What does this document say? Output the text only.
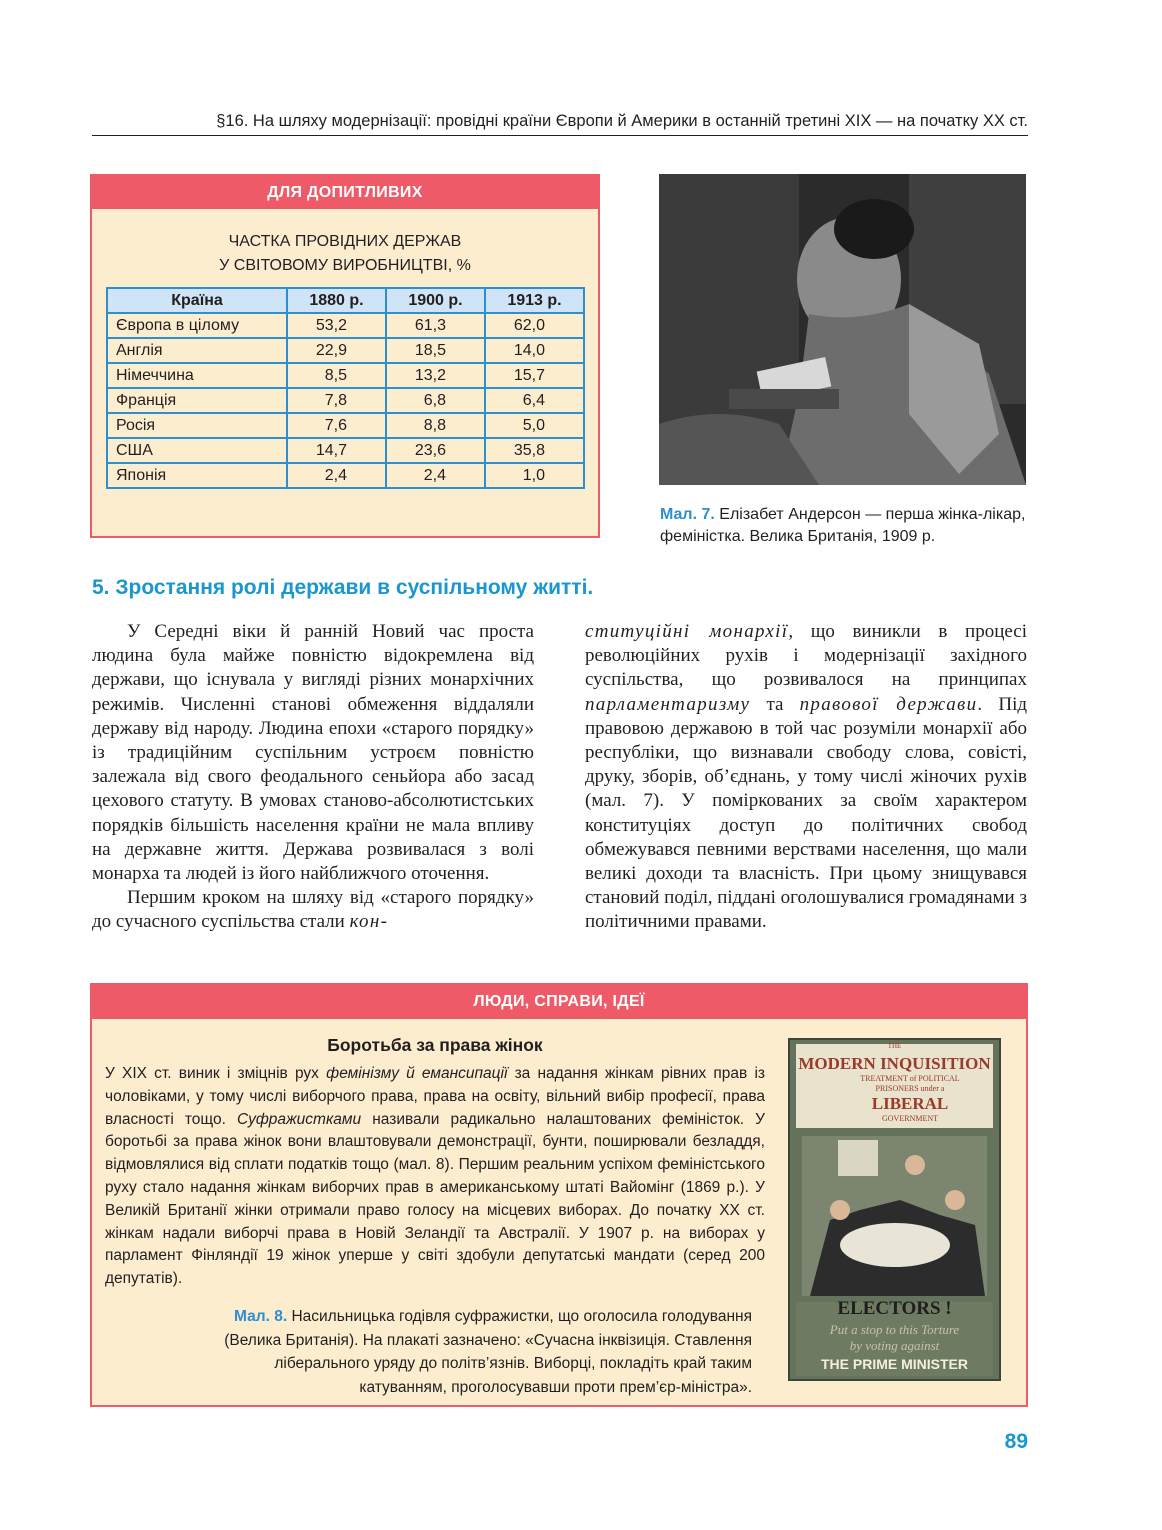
§16. На шляху модернізації: провідні країни Європи й Америки в останній третині XIX — на початку XX ст.
ДЛЯ ДОПИТЛИВИХ
ЧАСТКА ПРОВІДНИХ ДЕРЖАВ
У СВІТОВОМУ ВИРОБНИЦТВІ, %
Країна	1880 р.	1900 р.	1913 р.
Європа в цілому	53,2	61,3	62,0
Англія	22,9	18,5	14,0
Німеччина	8,5	13,2	15,7
Франція	7,8	6,8	6,4
Росія	7,6	8,8	5,0
США	14,7	23,6	35,8
Японія	2,4	2,4	1,0
Мал. 7. Елізабет Андерсон — перша жінка-лікар, феміністка. Велика Британія, 1909 р.
5. Зростання ролі держави в суспільному житті.

У Середні віки й ранній Новий час проста людина була майже повністю відокремлена від держави, що існувала у вигляді різних монархічних режимів. Численні станові обмеження віддаляли державу від народу. Людина епохи «старого порядку» із традиційним суспільним устроєм повністю залежала від свого феодального сеньйора або засад цехового статуту. В умовах станово-абсолютистських порядків більшість населення країни не мала впливу на державне життя. Держава розвивалася з волі монарха та людей із його найближчого оточення.

Першим кроком на шляху від «старого порядку» до сучасного суспільства стали кон-

ституційні монархії, що виникли в процесі революційних рухів і модернізації західного суспільства, що розвивалося на принципах парламентаризму та правової держави. Під правовою державою в той час розуміли монархії або республіки, що визнавали свободу слова, совісті, друку, зборів, об’єднань, у тому числі жіночих рухів (мал. 7). У поміркованих за своїм характером конституціях доступ до політичних свобод обмежувався певними верствами населення, що мали великі доходи та власність. При цьому знищувався становий поділ, піддані оголошувалися громадянами з політичними правами.

ЛЮДИ, СПРАВИ, ІДЕЇ
Боротьба за права жінок

У XIX ст. виник і зміцнів рух фемінізму й емансипації за надання жінкам рівних прав із чоловіками, у тому числі виборчого права, права на освіту, вільний вибір професії, права власності тощо. Суфражистками називали радикально налаштованих феміністок. У боротьбі за права жінок вони влаштовували демонстрації, бунти, поширювали безладдя, відмовлялися від сплати податків тощо (мал. 8). Першим реальним успіхом феміністського руху стало надання жінкам виборчих прав в американському штаті Вайомінг (1869 р.). У Великій Британії жінки отримали право голосу на місцевих виборах. До початку XX ст. жінкам надали виборчі права в Новій Зеландії та Австралії. У 1907 р. на виборах у парламент Фінляндії 19 жінок уперше у світі здобули депутатські мандати (серед 200 депутатів).

Мал. 8. Насильницька годівля суфражистки, що оголосила голодування (Велика Британія). На плакаті зазначено: «Сучасна інквізиція. Ставлення ліберального уряду до політв’язнів. Виборці, покладіть край таким катуванням, проголосувавши проти прем’єр-міністра».
THE
MODERN INQUISITION
TREATMENT of POLITICAL
PRISONERS under a
LIBERAL
GOVERNMENT
ELECTORS !
Put a stop to this Torture
by voting against
THE PRIME MINISTER
89
